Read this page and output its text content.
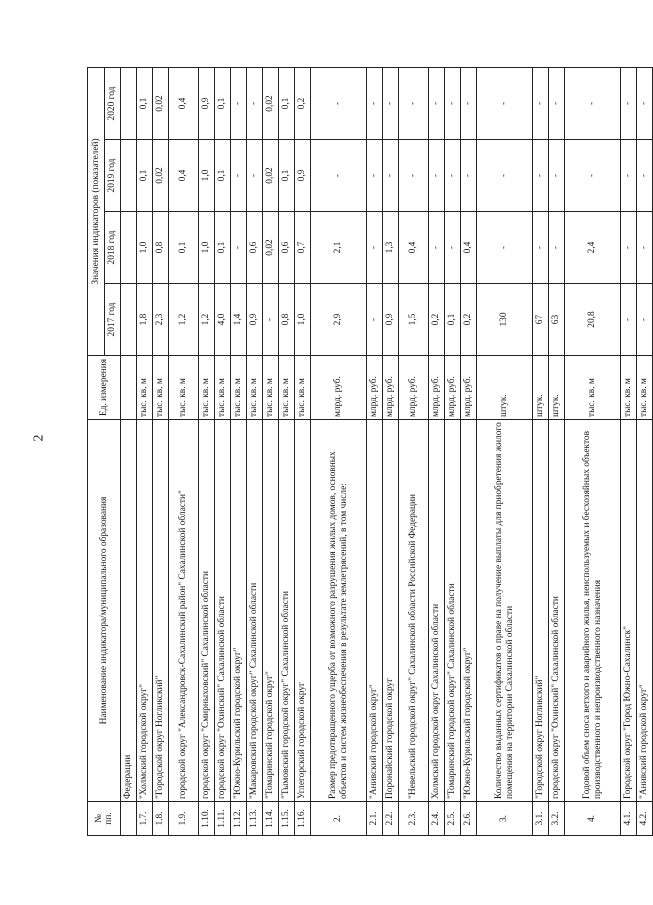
2
№
пп.	Наименование индикатора/муниципального образования	Ед. измерения	Значения индикаторов (показателей)			
			2017 год	2018 год	2019 год	2020 год
	Федерации					
1.7.	"Холмский городской округ"	тыс. кв. м	1,8	1,0	0,1	0,1
1.8.	"Городской округ Ногликский"	тыс. кв. м	2,3	0,8	0,02	0,02
1.9.	городской округ "Александровск-Сахалинский район" Сахалинской области"	тыс. кв. м	1,2	0,1	0,4	0,4
1.10.	городской округ "Смирныховский" Сахалинской области	тыс. кв. м	1,2	1,0	1,0	0,9
1.11.	городской округ "Охинский" Сахалинской области	тыс. кв. м	4,0	0,1	0,1	0,1
1.12.	"Южно-Курильский городской округ"	тыс. кв. м	1,4	-	-	-
1.13.	"Макаровский городской округ" Сахалинской области	тыс. кв. м	0,9	0,6	-	-
1.14.	"Томаринский городской округ"	тыс. кв. м	-	0,02	0,02	0,02
1.15.	"Тымовский городской округ" Сахалинской области	тыс. кв. м	0,8	0,6	0,1	0,1
1.16.	Углегорский городской округ	тыс. кв. м	1,0	0,7	0,9	0,2
2.	Размер предотвращенного ущерба от возможного разрушения жилых домов, основных объектов и систем жизнеобеспечения в результате землетрясений, в том числе:	млрд. руб.	2,9	2,1	-	-
2.1.	"Анивский городской округ"	млрд. руб.	-	-	-	-
2.2.	Поронайский городской округ	млрд. руб.	0,9	1,3	-	-
2.3.	"Невельский городской округ" Сахалинской области Российской Федерации	млрд. руб.	1,5	0,4	-	-
2.4.	Холмский городской округ Сахалинской области	млрд. руб.	0,2	-	-	-
2.5.	"Томаринский городской округ" Сахалинской области	млрд. руб.	0,1	-	-	-
2.6.	"Южно-Курильский городской округ"	млрд. руб.	0,2	0,4	-	-
3.	Количество выданных сертификатов о праве на получение выплаты для приобретения жилого помещения на территории Сахалинской области	штук.	130	-	-	-
3.1.	"Городской округ Ногликский"	штук.	67	-	-	-
3.2.	городской округ "Охинский" Сахалинской области	штук.	63	-	-	-
4.	Годовой объем сноса ветхого и аварийного жилья, неиспользуемых и бесхозяйных объектов производственного и непроизводственного назначения	тыс. кв. м	20,8	2,4	-	-
4.1.	Городской округ "Город Южно-Сахалинск"	тыс. кв. м	-	-	-	-
4.2.	"Анивский городской округ"	тыс. кв. м	-	-	-	-
